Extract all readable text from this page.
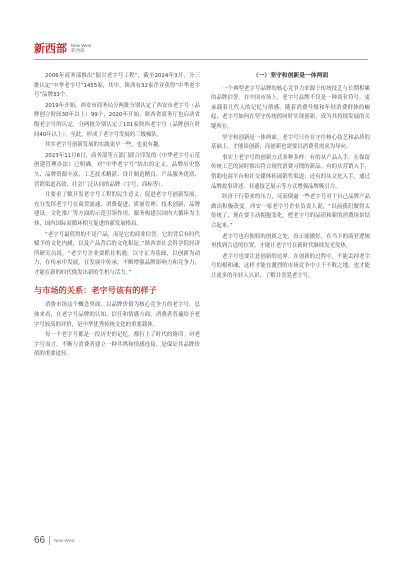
新西部 New West
新西部

2006年商务部推出“振兴老字号工程”，截至2024年3月，分三批认定“中华老字号”1455家，其中，陕西有32家企业获得“中华老字号”品牌33个。

2019年开始，西安市商务局分两批分别认定了西安市老字号（品牌创立时间30年以上）99个；2020年开始，陕西省商务厅也启动省级老字号的认定，分两批分别认定了101家陕西老字号（品牌创立时间40年以上）。至此，形成了老字号发展的三级梯队。

其实老字号创新发展的实践更早一些，也更有趣。

2023年11月6日，商务部等五部门联合印发的《中华老字号示范创建管理办法》已明确，对“中华老字号”给出的定义，品牌历史悠久、品牌资源丰富、工艺技术精湛、设计制造精良、产品服务优质、营销渠道高效、社会广泛认同的品牌（字号、商标等）。

并要求了解开发老字号工程的民生意义；促进老字号创新发展，充分发挥老字号在商贸流通、消费促进、质量管理、技术创新、品牌建设、文化推广等方面的示范引领作用，服务构建以国内大循环为主体、国内国际双循环相互促进的新发展格局。

“老字号最值得的不是产品，而是它的商业信誉。它的背后有时代赋予的文化内涵，以及产品背后的文化积淀，”陕西省社会科学院经济所研究员说，“老字号企业要抓住机遇，以守正为基础，以创新为动力，在传承中发展，在发展中传承，不断增强品牌影响力和竞争力，才能在新的时代焕发出新的生机与活力。”

与市场的关系：老字号该有的样子

消费市场这个概念里面，以品牌价值为核心竞争力的老字号，总体来看，在老字号品牌的认知、信任和情感方面，消费者普遍给予老字号较高的评价，是中华优秀传统文化的重要载体。

每一个老字号都是一段历史的记忆，都打上了时代的烙印。对老字号而言，不断与消费者建立一种共鸣和情感连接，是保证其品牌价值的重要途径。

（一）坚守和创新是一体两面

一个典型老字号品牌的核心竞争力来源于传统技艺与长期积累的品牌信誉。在中国市场上，老字号品牌不仅是一种商业符号，更承载着几代人的记忆与情感。随着消费升级和年轻消费群体的崛起，老字号如何在坚守传统的同时实现创新，成为其持续发展的关键所在。

坚守和创新是一体两面。老字号只有在守住核心技艺和品质的基础上，才能谈创新；而创新也需要以消费者需求为导向。

事实上老字号的创新方式多种多样：有的从产品入手，在保留传统工艺的同时推出符合现代消费习惯的新品；有的从营销入手，借助电商平台和社交媒体拓展销售渠道；还有的从文化入手，通过品牌故事讲述、非遗技艺展示等方式增强品牌吸引力。

经济下行带来的压力，反而倒逼一些老字号对于自己品牌产品做出积极改变。西安一家老字号企业负责人说，“以前我们做得太传统了，现在要主动拥抱变化，把老字号的品质和新的消费场景结合起来。”

老字号也有独特的创新之处，真正能做好，在当下的商业逻辑里找到合适的位置，才能让老字号在新时代继续发光发热。

老字号也要注意创新的边界。在创新的过程中，不能丢掉老字号的根和魂，这样才能在激烈的市场竞争中立于不败之地，也才能让更多的年轻人认识、了解并喜爱老字号。

66 New West
